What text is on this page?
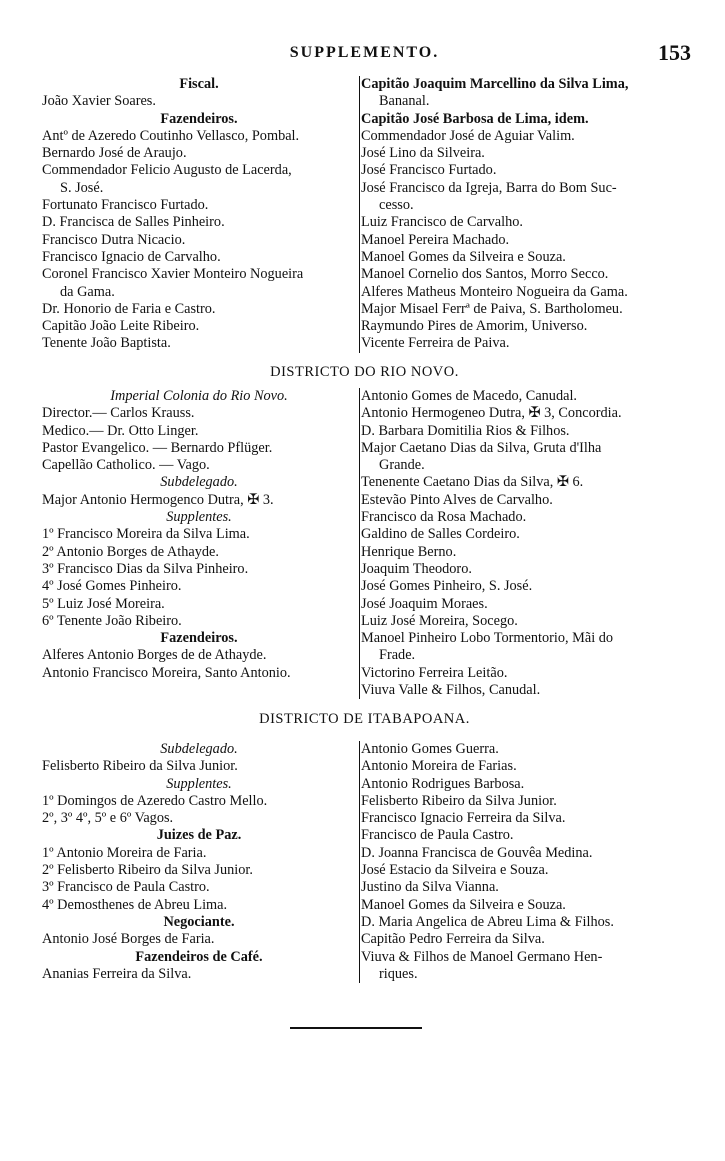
SUPPLEMENTO.	153
Fiscal.
João Xavier Soares.
Fazendeiros.
Antº de Azeredo Coutinho Vellasco, Pombal.
Bernardo José de Araujo.
Commendador Felicio Augusto de Lacerda,
S. José.
Fortunato Francisco Furtado.
D. Francisca de Salles Pinheiro.
Francisco Dutra Nicacio.
Francisco Ignacio de Carvalho.
Coronel Francisco Xavier Monteiro Nogueira
da Gama.
Dr. Honorio de Faria e Castro.
Capitão João Leite Ribeiro.
Tenente João Baptista.
Capitão Joaquim Marcellino da Silva Lima,
Bananal.
Capitão José Barbosa de Lima, idem.
Commendador José de Aguiar Valim.
José Lino da Silveira.
José Francisco Furtado.
José Francisco da Igreja, Barra do Bom Suc-
cesso.
Luiz Francisco de Carvalho.
Manoel Pereira Machado.
Manoel Gomes da Silveira e Souza.
Manoel Cornelio dos Santos, Morro Secco.
Alferes Matheus Monteiro Nogueira da Gama.
Major Misael Ferrª de Paiva, S. Bartholomeu.
Raymundo Pires de Amorim, Universo.
Vicente Ferreira de Paiva.
DISTRICTO DO RIO NOVO.
Imperial Colonia do Rio Novo.
Director.— Carlos Krauss.
Medico.— Dr. Otto Linger.
Pastor Evangelico. — Bernardo Pflüger.
Capellão Catholico. — Vago.
Subdelegado.
Major Antonio Hermogenco Dutra, ✠ 3.
Supplentes.
1º Francisco Moreira da Silva Lima.
2º Antonio Borges de Athayde.
3º Francisco Dias da Silva Pinheiro.
4º José Gomes Pinheiro.
5º Luiz José Moreira.
6º Tenente João Ribeiro.
Fazendeiros.
Alferes Antonio Borges de de Athayde.
Antonio Francisco Moreira, Santo Antonio.
Antonio Gomes de Macedo, Canudal.
Antonio Hermogeneo Dutra, ✠ 3, Concordia.
D. Barbara Domitilia Rios & Filhos.
Major Caetano Dias da Silva, Gruta d'Ilha
Grande.
Tenenente Caetano Dias da Silva, ✠ 6.
Estevão Pinto Alves de Carvalho.
Francisco da Rosa Machado.
Galdino de Salles Cordeiro.
Henrique Berno.
Joaquim Theodoro.
José Gomes Pinheiro, S. José.
José Joaquim Moraes.
Luiz José Moreira, Socego.
Manoel Pinheiro Lobo Tormentorio, Mãi do
Frade.
Victorino Ferreira Leitão.
Viuva Valle & Filhos, Canudal.
DISTRICTO DE ITABAPOANA.
Subdelegado.
Felisberto Ribeiro da Silva Junior.
Supplentes.
1º Domingos de Azeredo Castro Mello.
2º, 3º 4º, 5º e 6º Vagos.
Juizes de Paz.
1º Antonio Moreira de Faria.
2º Felisberto Ribeiro da Silva Junior.
3º Francisco de Paula Castro.
4º Demosthenes de Abreu Lima.
Negociante.
Antonio José Borges de Faria.
Fazendeiros de Café.
Ananias Ferreira da Silva.
Antonio Gomes Guerra.
Antonio Moreira de Farias.
Antonio Rodrigues Barbosa.
Felisberto Ribeiro da Silva Junior.
Francisco Ignacio Ferreira da Silva.
Francisco de Paula Castro.
D. Joanna Francisca de Gouvêa Medina.
José Estacio da Silveira e Souza.
Justino da Silva Vianna.
Manoel Gomes da Silveira e Souza.
D. Maria Angelica de Abreu Lima & Filhos.
Capitão Pedro Ferreira da Silva.
Viuva & Filhos de Manoel Germano Hen-
riques.
